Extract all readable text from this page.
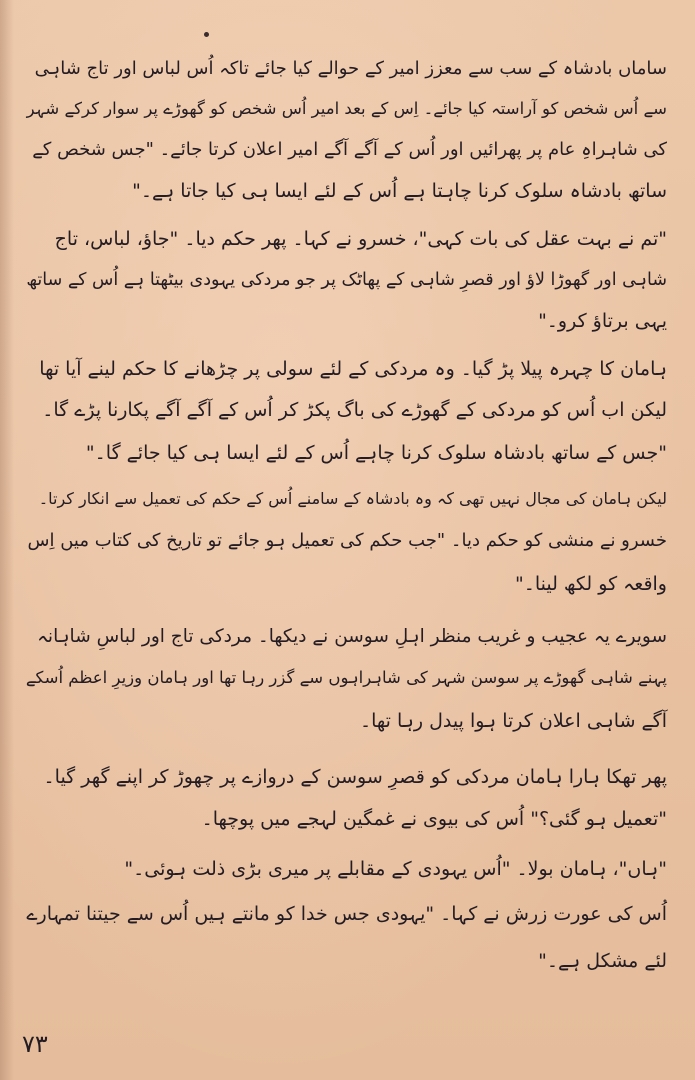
ساماں بادشاہ کے سب سے معزز امیر کے حوالے کیا جائے تاکہ اُس لباس اور تاج شاہی
سے اُس شخص کو آراستہ کیا جائے۔ اِس کے بعد امیر اُس شخص کو گھوڑے پر سوار کرکے شہر
کی شاہراہِ عام پر پھرائیں اور اُس کے آگے آگے امیر اعلان کرتا جائے۔ "جس شخص کے
ساتھ بادشاہ سلوک کرنا چاہتا ہے اُس کے لئے ایسا ہی کیا جاتا ہے۔"
"تم نے بہت عقل کی بات کہی"، خسرو نے کہا۔ پھر حکم دیا۔ "جاؤ، لباس، تاج
شاہی اور گھوڑا لاؤ اور قصرِ شاہی کے پھاٹک پر جو مردکی یہودی بیٹھتا ہے اُس کے ساتھ
یہی برتاؤ کرو۔"
ہامان کا چہرہ پیلا پڑ گیا۔ وہ مردکی کے لئے سولی پر چڑھانے کا حکم لینے آیا تھا
لیکن اب اُس کو مردکی کے گھوڑے کی باگ پکڑ کر اُس کے آگے آگے پکارنا پڑے گا۔
"جس کے ساتھ بادشاہ سلوک کرنا چاہے اُس کے لئے ایسا ہی کیا جائے گا۔"
لیکن ہامان کی مجال نہیں تھی کہ وہ بادشاہ کے سامنے اُس کے حکم کی تعمیل سے انکار کرتا۔
خسرو نے منشی کو حکم دیا۔ "جب حکم کی تعمیل ہو جائے تو تاریخ کی کتاب میں اِس
واقعہ کو لکھ لینا۔"
سویرے یہ عجیب و غریب منظر اہلِ سوسن نے دیکھا۔ مردکی تاج اور لباسِ شاہانہ
پہنے شاہی گھوڑے پر سوسن شہر کی شاہراہوں سے گزر رہا تھا اور ہامان وزیرِ اعظم اُسکے
آگے شاہی اعلان کرتا ہوا پیدل رہا تھا۔
پھر تھکا ہارا ہامان مردکی کو قصرِ سوسن کے دروازے پر چھوڑ کر اپنے گھر گیا۔
"تعمیل ہو گئی؟" اُس کی بیوی نے غمگین لہجے میں پوچھا۔
"ہاں"، ہامان بولا۔ "اُس یہودی کے مقابلے پر میری بڑی ذلت ہوئی۔"
اُس کی عورت زرش نے کہا۔ "یہودی جس خدا کو مانتے ہیں اُس سے جیتنا تمہارے
لئے مشکل ہے۔"
۷۳
